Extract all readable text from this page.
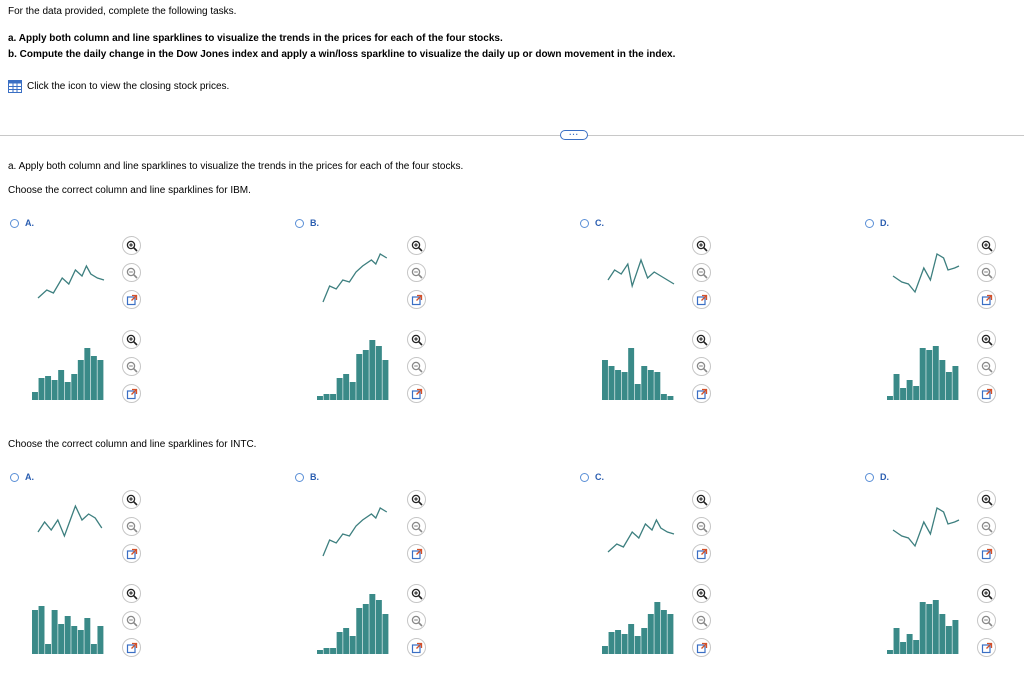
For the data provided, complete the following tasks.

a. Apply both column and line sparklines to visualize the trends in the prices for each of the four stocks.

b. Compute the daily change in the Dow Jones index and apply a win/loss sparkline to visualize the daily up or down movement in the index.

Click the icon to view the closing stock prices.
...
a. Apply both column and line sparklines to visualize the trends in the prices for each of the four stocks.
Choose the correct column and line sparklines for IBM.
Choose the correct column and line sparklines for INTC.
A.	B.	C.	D.
A.	B.	C.	D.
